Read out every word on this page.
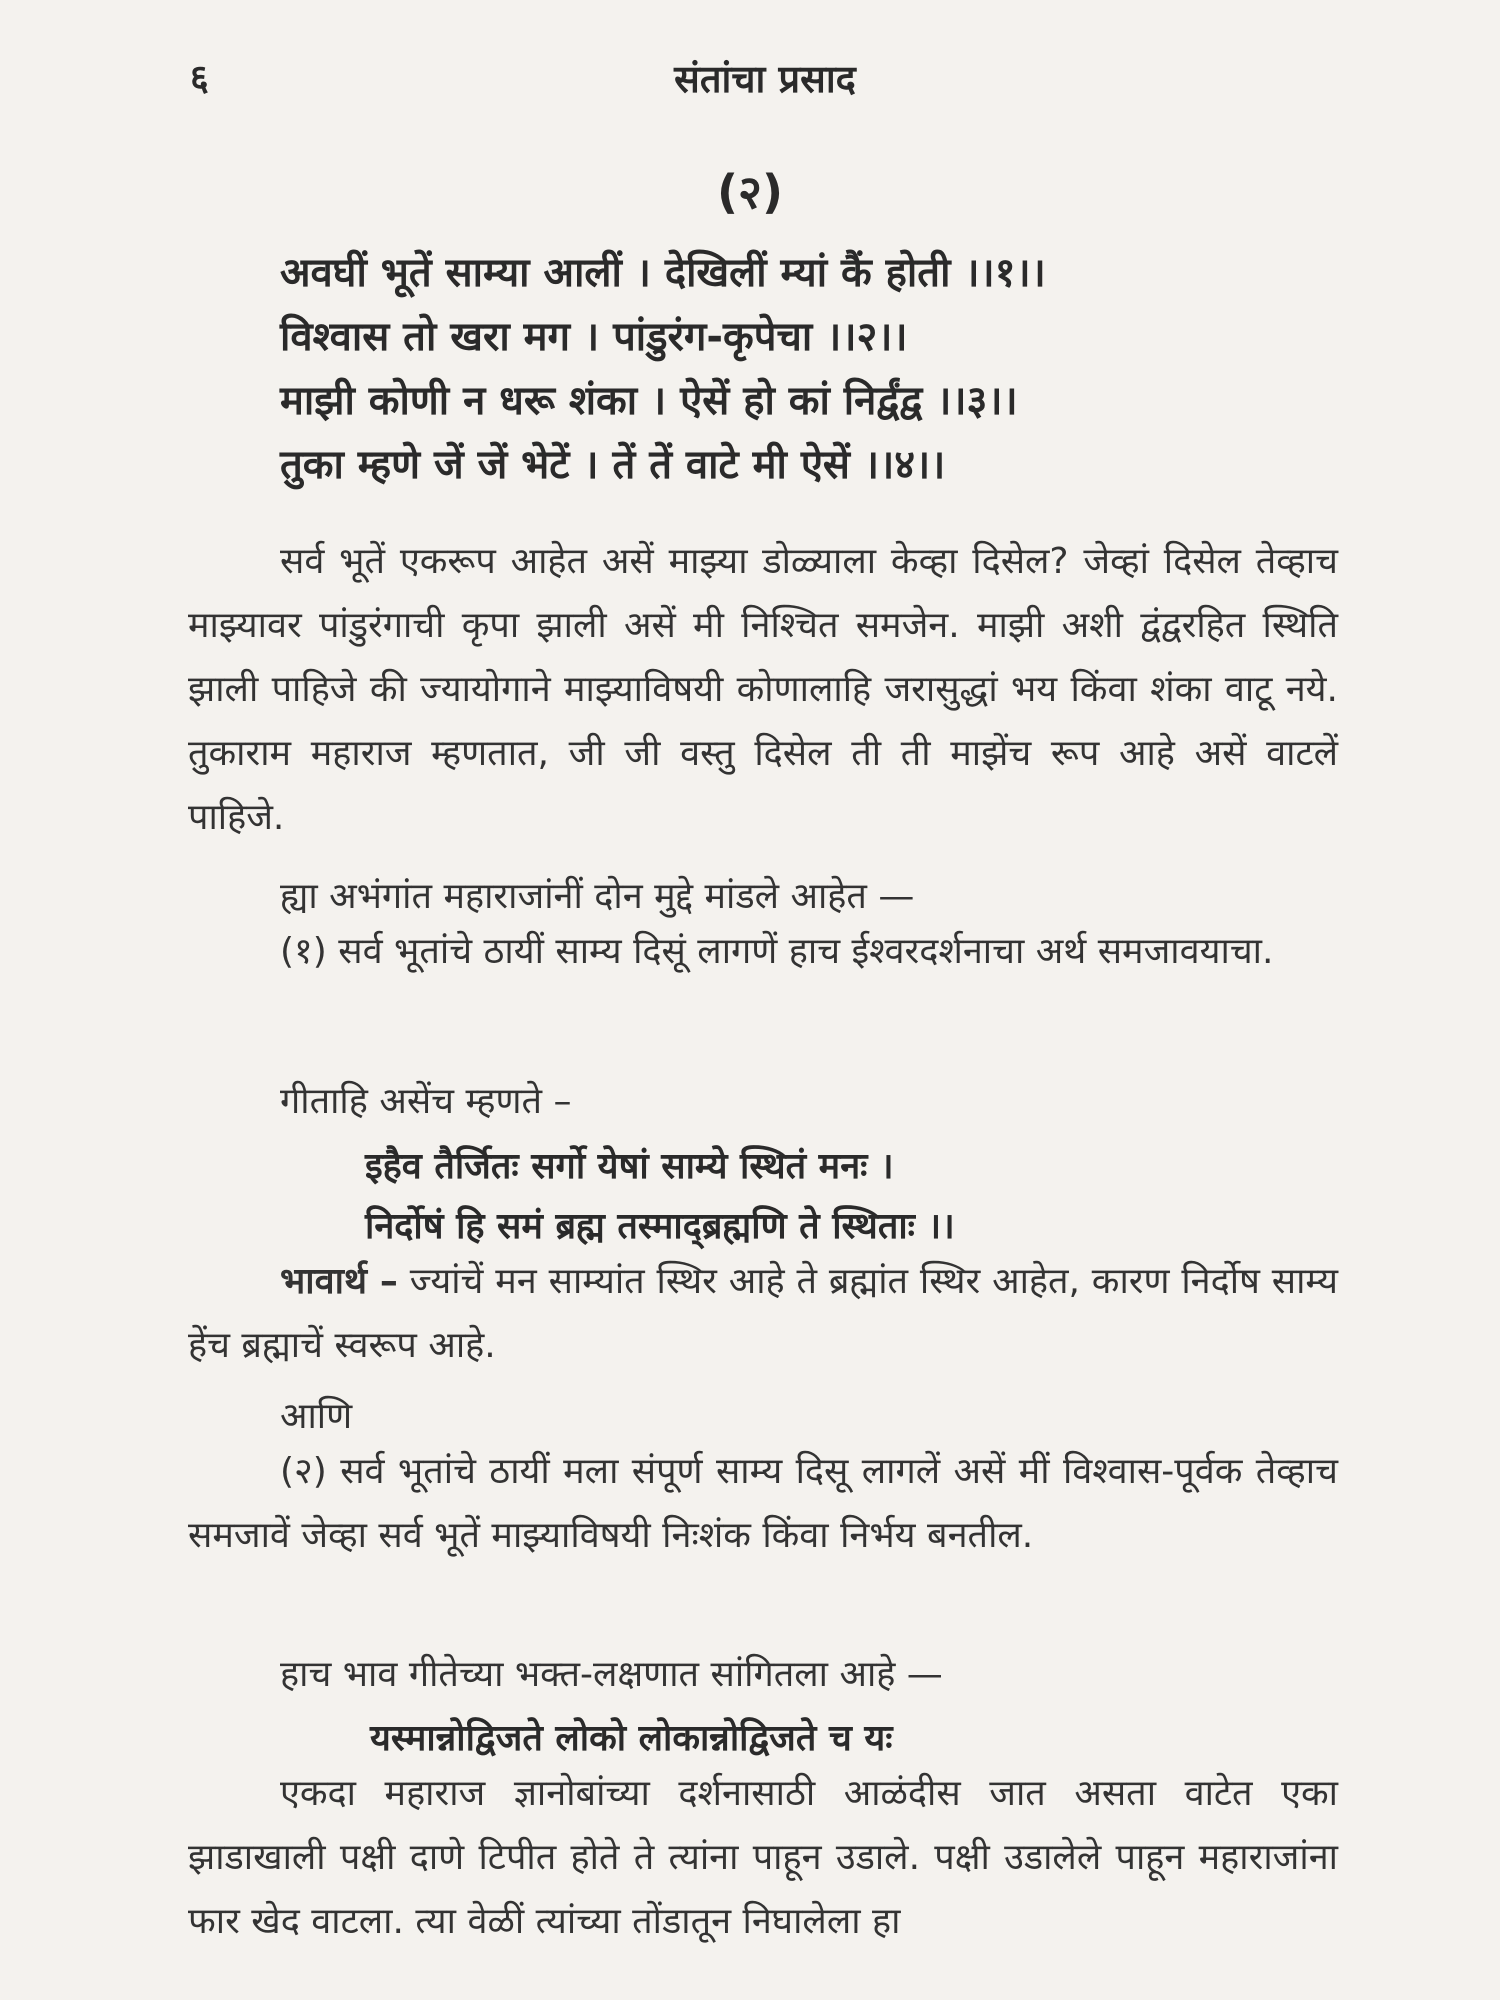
६	संतांचा प्रसाद
(२)
अवघीं भूतें साम्या आलीं । देखिलीं म्यां कैं होती ।।१।।
विश्वास तो खरा मग । पांडुरंग-कृपेचा ।।२।।
माझी कोणी न धरू शंका । ऐसें हो कां निर्द्वंद्व ।।३।।
तुका म्हणे जें जें भेटें । तें तें वाटे मी ऐसें ।।४।।
सर्व भूतें एकरूप आहेत असें माझ्या डोळ्याला केव्हा दिसेल? जेव्हां दिसेल तेव्हाच माझ्यावर पांडुरंगाची कृपा झाली असें मी निश्चित समजेन. माझी अशी द्वंद्वरहित स्थिति झाली पाहिजे की ज्यायोगाने माझ्याविषयी कोणालाहि जरासुद्धां भय किंवा शंका वाटू नये. तुकाराम महाराज म्हणतात, जी जी वस्तु दिसेल ती ती माझेंच रूप आहे असें वाटलें पाहिजे.
ह्या अभंगांत महाराजांनीं दोन मुद्दे मांडले आहेत —
(१) सर्व भूतांचे ठायीं साम्य दिसूं लागणें हाच ईश्वरदर्शनाचा अर्थ समजावयाचा.
गीताहि असेंच म्हणते –
इहैव तैर्जितः सर्गो येषां साम्ये स्थितं मनः ।
निर्दोषं हि समं ब्रह्म तस्माद्ब्रह्मणि ते स्थिताः ।।
भावार्थ – ज्यांचें मन साम्यांत स्थिर आहे ते ब्रह्मांत स्थिर आहेत, कारण निर्दोष साम्य हेंच ब्रह्माचें स्वरूप आहे.
आणि
(२) सर्व भूतांचे ठायीं मला संपूर्ण साम्य दिसू लागलें असें मीं विश्वास-पूर्वक तेव्हाच समजावें जेव्हा सर्व भूतें माझ्याविषयी निःशंक किंवा निर्भय बनतील.
हाच भाव गीतेच्या भक्त-लक्षणात सांगितला आहे —
यस्मान्नोद्विजते लोको लोकान्नोद्विजते च यः
एकदा महाराज ज्ञानोबांच्या दर्शनासाठी आळंदीस जात असता वाटेत एका झाडाखाली पक्षी दाणे टिपीत होते ते त्यांना पाहून उडाले. पक्षी उडालेले पाहून महाराजांना फार खेद वाटला. त्या वेळीं त्यांच्या तोंडातून निघालेला हा
